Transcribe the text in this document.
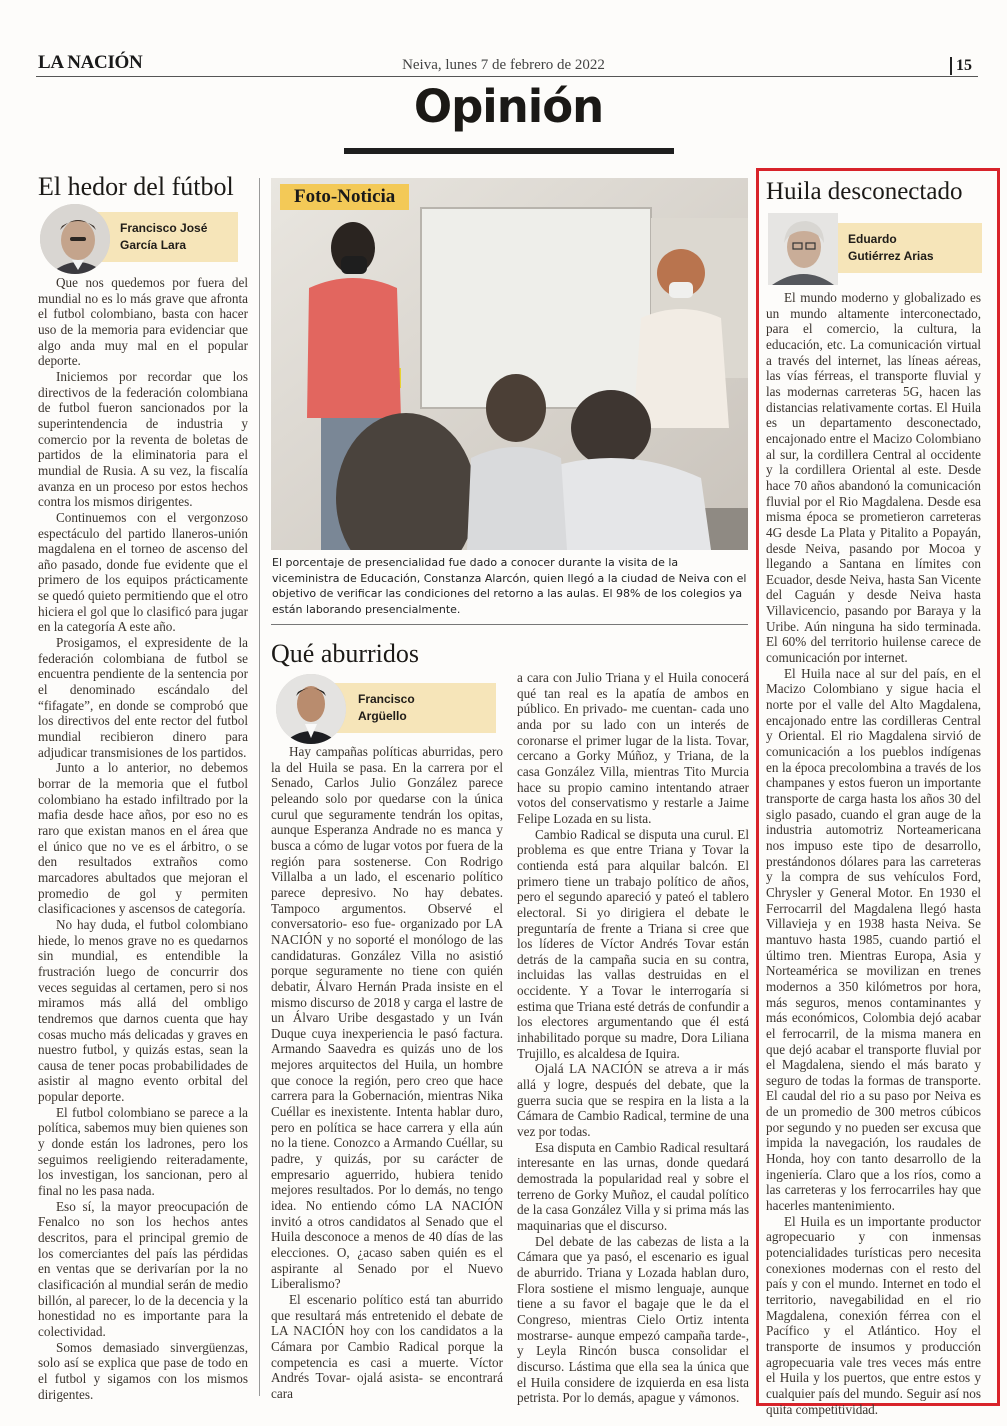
LA NACIÓN	Neiva, lunes 7 de febrero de 2022	15
Opinión
El hedor del fútbol
Francisco José
García Lara

Que nos quedemos por fuera del mundial no es lo más grave que afronta el futbol colombiano, basta con hacer uso de la memoria para evidenciar que algo anda muy mal en el popular deporte.

Iniciemos por recordar que los directivos de la federación colombiana de futbol fueron sancionados por la superintendencia de industria y comercio por la reventa de boletas de partidos de la eliminatoria para el mundial de Rusia. A su vez, la fiscalía avanza en un proceso por estos hechos contra los mismos dirigentes.

Continuemos con el vergonzoso espectáculo del partido llaneros-unión magdalena en el torneo de ascenso del año pasado, donde fue evidente que el primero de los equipos prácticamente se quedó quieto permitiendo que el otro hiciera el gol que lo clasificó para jugar en la categoría A este año.

Prosigamos, el expresidente de la federación colombiana de futbol se encuentra pendiente de la sentencia por el denominado escándalo del “fifagate”, en donde se comprobó que los directivos del ente rector del futbol mundial recibieron dinero para adjudicar transmisiones de los partidos.

Junto a lo anterior, no debemos borrar de la memoria que el futbol colombiano ha estado infiltrado por la mafia desde hace años, por eso no es raro que existan manos en el área que el único que no ve es el árbitro, o se den resultados extraños como marcadores abultados que mejoran el promedio de gol y permiten clasificaciones y ascensos de categoría.

No hay duda, el futbol colombiano hiede, lo menos grave no es quedarnos sin mundial, es entendible la frustración luego de concurrir dos veces seguidas al certamen, pero si nos miramos más allá del ombligo tendremos que darnos cuenta que hay cosas mucho más delicadas y graves en nuestro futbol, y quizás estas, sean la causa de tener pocas probabilidades de asistir al magno evento orbital del popular deporte.

El futbol colombiano se parece a la política, sabemos muy bien quienes son y donde están los ladrones, pero los seguimos reeligiendo reiteradamente, los investigan, los sancionan, pero al final no les pasa nada.

Eso sí, la mayor preocupación de Fenalco no son los hechos antes descritos, para el principal gremio de los comerciantes del país las pérdidas en ventas que se derivarían por la no clasificación al mundial serán de medio billón, al parecer, lo de la decencia y la honestidad no es importante para la colectividad.

Somos demasiado sinvergüenzas, solo así se explica que pase de todo en el futbol y sigamos con los mismos dirigentes.

Foto-Noticia
El porcentaje de presencialidad fue dado a conocer durante la visita de la viceministra de Educación, Constanza Alarcón, quien llegó a la ciudad de Neiva con el objetivo de verificar las condiciones del retorno a las aulas. El 98% de los colegios ya están laborando presencialmente.
Qué aburridos
Francisco
Argüello

Hay campañas políticas aburridas, pero la del Huila se pasa. En la carrera por el Senado, Carlos Julio González parece peleando solo por quedarse con la única curul que seguramente tendrán los opitas, aunque Esperanza Andrade no es manca y busca a cómo de lugar votos por fuera de la región para sostenerse. Con Rodrigo Villalba a un lado, el escenario político parece depresivo. No hay debates. Tampoco argumentos. Observé el conversatorio- eso fue- organizado por LA NACIÓN y no soporté el monólogo de las candidaturas. González Villa no asistió porque seguramente no tiene con quién debatir, Álvaro Hernán Prada insiste en el mismo discurso de 2018 y carga el lastre de un Álvaro Uribe desgastado y un Iván Duque cuya inexperiencia le pasó factura. Armando Saavedra es quizás uno de los mejores arquitectos del Huila, un hombre que conoce la región, pero creo que hace carrera para la Gobernación, mientras Nika Cuéllar es inexistente. Intenta hablar duro, pero en política se hace carrera y ella aún no la tiene. Conozco a Armando Cuéllar, su padre, y quizás, por su carácter de empresario aguerrido, hubiera tenido mejores resultados. Por lo demás, no tengo idea. No entiendo cómo LA NACIÓN invitó a otros candidatos al Senado que el Huila desconoce a menos de 40 días de las elecciones. O, ¿acaso saben quién es el aspirante al Senado por el Nuevo Liberalismo?

El escenario político está tan aburrido que resultará más entretenido el debate de LA NACIÓN hoy con los candidatos a la Cámara por Cambio Radical porque la competencia es casi a muerte. Víctor Andrés Tovar- ojalá asista- se encontrará cara

a cara con Julio Triana y el Huila conocerá qué tan real es la apatía de ambos en público. En privado- me cuentan- cada uno anda por su lado con un interés de coronarse el primer lugar de la lista. Tovar, cercano a Gorky Múñoz, y Triana, de la casa González Villa, mientras Tito Murcia hace su propio camino intentando atraer votos del conservatismo y restarle a Jaime Felipe Lozada en su lista.

Cambio Radical se disputa una curul. El problema es que entre Triana y Tovar la contienda está para alquilar balcón. El primero tiene un trabajo político de años, pero el segundo apareció y pateó el tablero electoral. Si yo dirigiera el debate le preguntaría de frente a Triana si cree que los líderes de Víctor Andrés Tovar están detrás de la campaña sucia en su contra, incluidas las vallas destruidas en el occidente. Y a Tovar le interrogaría si estima que Triana esté detrás de confundir a los electores argumentando que él está inhabilitado porque su madre, Dora Liliana Trujillo, es alcaldesa de Iquira.

Ojalá LA NACIÓN se atreva a ir más allá y logre, después del debate, que la guerra sucia que se respira en la lista a la Cámara de Cambio Radical, termine de una vez por todas.

Esa disputa en Cambio Radical resultará interesante en las urnas, donde quedará demostrada la popularidad real y sobre el terreno de Gorky Muñoz, el caudal político de la casa González Villa y si prima más las maquinarias que el discurso.

Del debate de las cabezas de lista a la Cámara que ya pasó, el escenario es igual de aburrido. Triana y Lozada hablan duro, Flora sostiene el mismo lenguaje, aunque tiene a su favor el bagaje que le da el Congreso, mientras Cielo Ortiz intenta mostrarse- aunque empezó campaña tarde-, y Leyla Rincón busca consolidar el discurso. Lástima que ella sea la única que el Huila considere de izquierda en esa lista petrista. Por lo demás, apague y vámonos.

Huila desconectado
Eduardo
Gutiérrez Arias

El mundo moderno y globalizado es un mundo altamente interconectado, para el comercio, la cultura, la educación, etc. La comunicación virtual a través del internet, las líneas aéreas, las vías férreas, el transporte fluvial y las modernas carreteras 5G, hacen las distancias relativamente cortas. El Huila es un departamento desconectado, encajonado entre el Macizo Colombiano al sur, la cordillera Central al occidente y la cordillera Oriental al este. Desde hace 70 años abandonó la comunicación fluvial por el Rio Magdalena. Desde esa misma época se prometieron carreteras 4G desde La Plata y Pitalito a Popayán, desde Neiva, pasando por Mocoa y llegando a Santana en límites con Ecuador, desde Neiva, hasta San Vicente del Caguán y desde Neiva hasta Villavicencio, pasando por Baraya y la Uribe. Aún ninguna ha sido terminada. El 60% del territorio huilense carece de comunicación por internet.

El Huila nace al sur del país, en el Macizo Colombiano y sigue hacia el norte por el valle del Alto Magdalena, encajonado entre las cordilleras Central y Oriental. El rio Magdalena sirvió de comunicación a los pueblos indígenas en la época precolombina a través de los champanes y estos fueron un importante transporte de carga hasta los años 30 del siglo pasado, cuando el gran auge de la industria automotriz Norteamericana nos impuso este tipo de desarrollo, prestándonos dólares para las carreteras y la compra de sus vehículos Ford, Chrysler y General Motor. En 1930 el Ferrocarril del Magdalena llegó hasta Villavieja y en 1938 hasta Neiva. Se mantuvo hasta 1985, cuando partió el último tren. Mientras Europa, Asia y Norteamérica se movilizan en trenes modernos a 350 kilómetros por hora, más seguros, menos contaminantes y más económicos, Colombia dejó acabar el ferrocarril, de la misma manera en que dejó acabar el transporte fluvial por el Magdalena, siendo el más barato y seguro de todas la formas de transporte. El caudal del rio a su paso por Neiva es de un promedio de 300 metros cúbicos por segundo y no pueden ser excusa que impida la navegación, los raudales de Honda, hoy con tanto desarrollo de la ingeniería. Claro que a los ríos, como a las carreteras y los ferrocarriles hay que hacerles mantenimiento.

El Huila es un importante productor agropecuario y con inmensas potencialidades turísticas pero necesita conexiones modernas con el resto del país y con el mundo. Internet en todo el territorio, navegabilidad en el rio Magdalena, conexión férrea con el Pacífico y el Atlántico. Hoy el transporte de insumos y producción agropecuaria vale tres veces más entre el Huila y los puertos, que entre estos y cualquier país del mundo. Seguir así nos quita competitividad.
